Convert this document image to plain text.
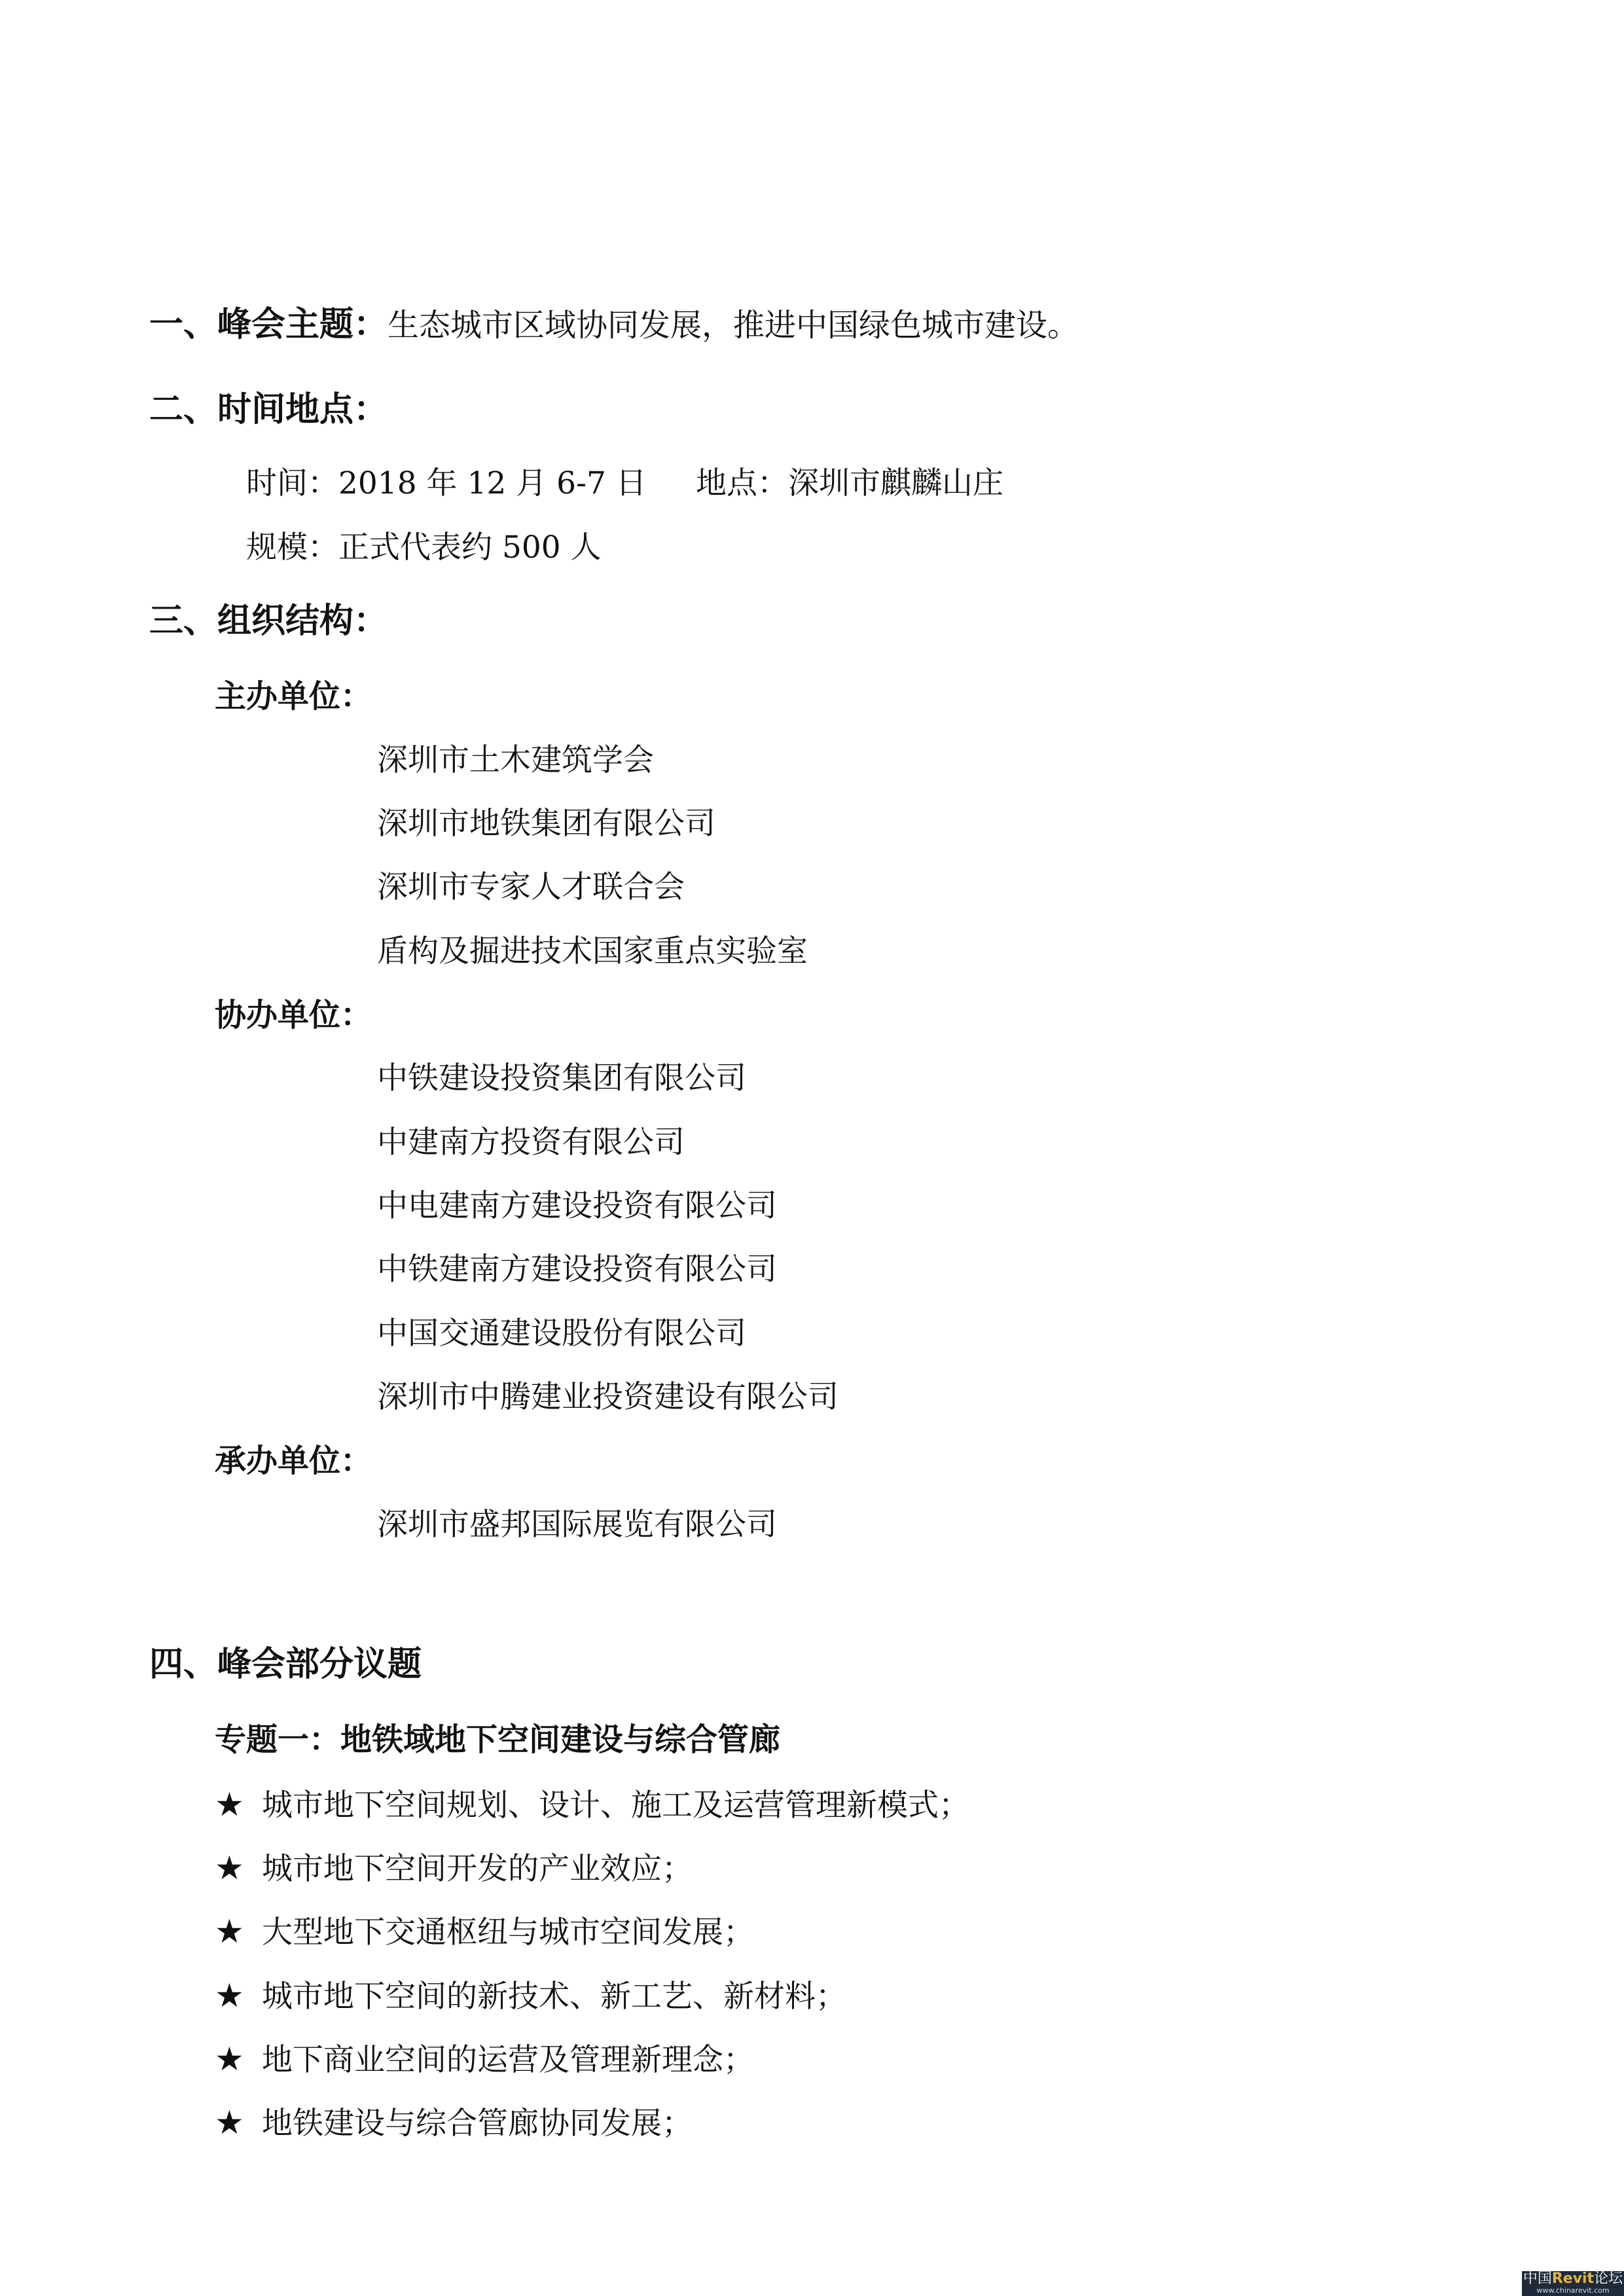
一、峰会主题：生态城市区域协同发展，推进中国绿色城市建设。
二、时间地点：
时间：2018 年 12 月 6-7 日 地点：深圳市麒麟山庄
规模：正式代表约 500 人
三、组织结构：
主办单位：
深圳市土木建筑学会
深圳市地铁集团有限公司
深圳市专家人才联合会
盾构及掘进技术国家重点实验室
协办单位：
中铁建设投资集团有限公司
中建南方投资有限公司
中电建南方建设投资有限公司
中铁建南方建设投资有限公司
中国交通建设股份有限公司
深圳市中腾建业投资建设有限公司
承办单位：
深圳市盛邦国际展览有限公司
四、峰会部分议题
专题一：地铁域地下空间建设与综合管廊
★ 城市地下空间规划、设计、施工及运营管理新模式；
★ 城市地下空间开发的产业效应；
★ 大型地下交通枢纽与城市空间发展；
★ 城市地下空间的新技术、新工艺、新材料；
★ 地下商业空间的运营及管理新理念；
★ 地铁建设与综合管廊协同发展；
中国Revit论坛
www.chinarevit.com
